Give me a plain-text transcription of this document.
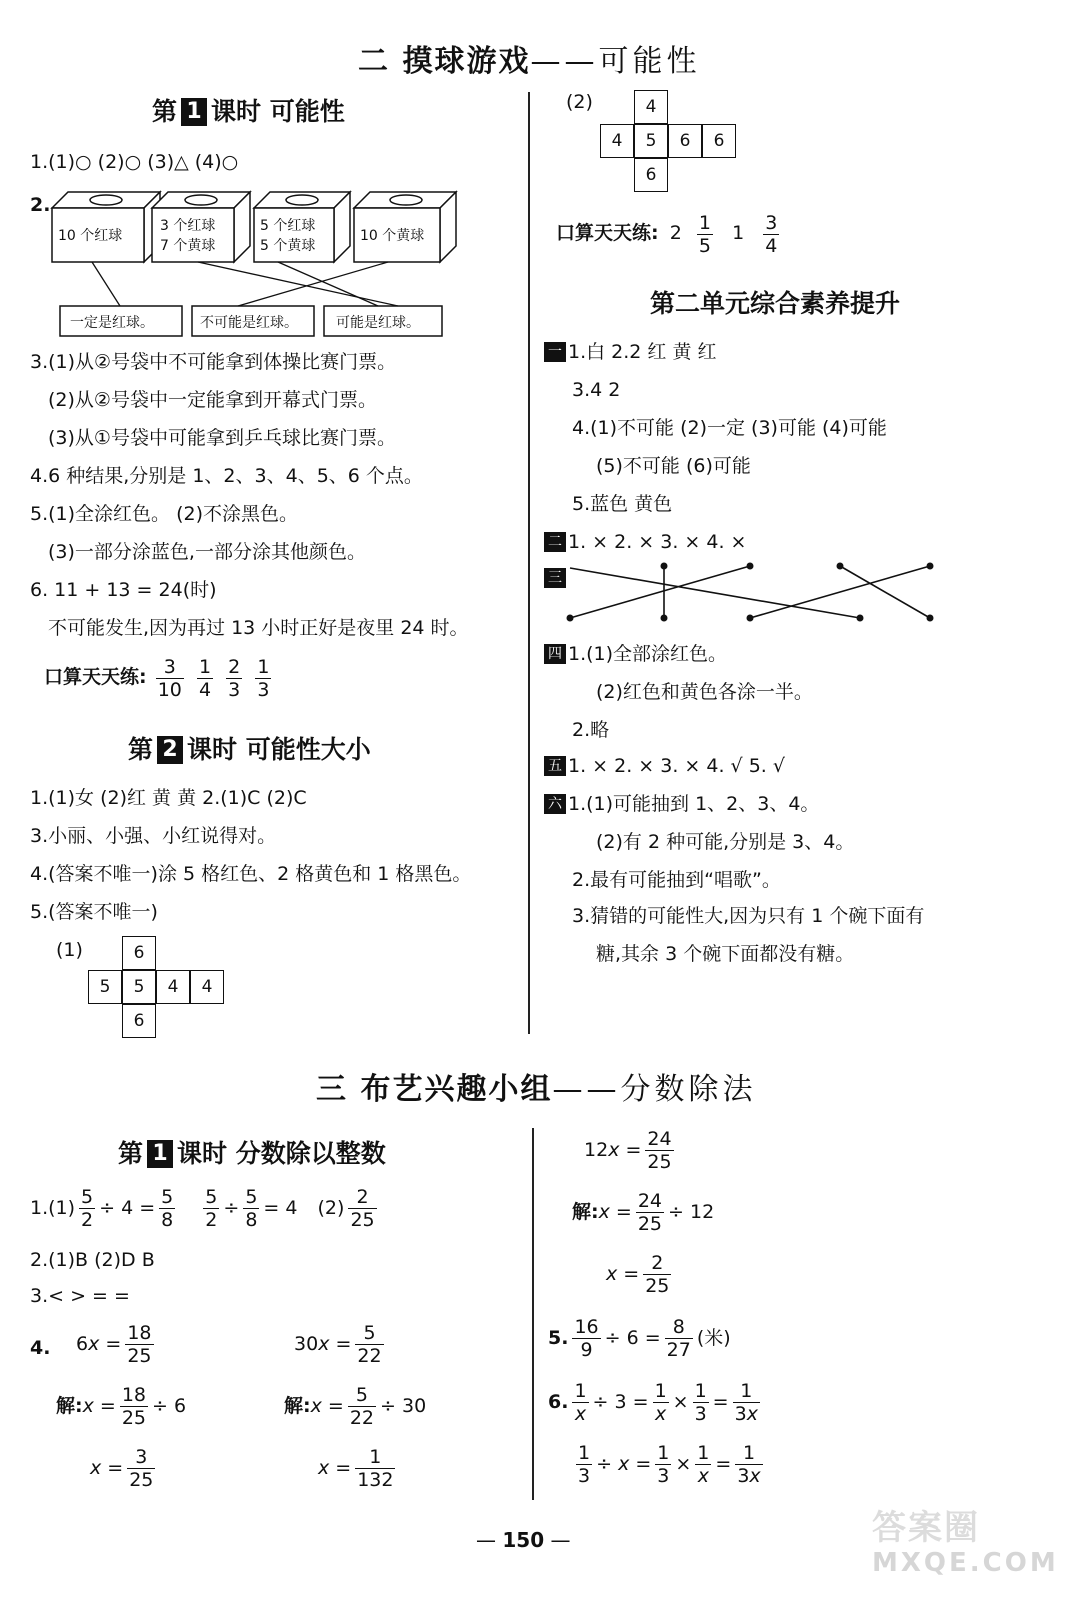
二 摸球游戏——可能性
第 1 课时 可能性
1.(1)○ (2)○ (3)△ (4)○
2.
10 个红球
3 个红球
7 个黄球
5 个红球
5 个黄球
10 个黄球
一定是红球。	不可能是红球。	可能是红球。
3.(1)从②号袋中不可能拿到体操比赛门票。
(2)从②号袋中一定能拿到开幕式门票。
(3)从①号袋中可能拿到乒乓球比赛门票。
4.6 种结果,分别是 1、2、3、4、5、6 个点。
5.(1)全涂红色。 (2)不涂黑色。
(3)一部分涂蓝色,一部分涂其他颜色。
6. 11 + 13 = 24(时)
不可能发生,因为再过 13 小时正好是夜里 24 时。
口算天天练: $\frac{3}{10}$
$\frac{1}{4}$
$\frac{2}{3}$
$\frac{1}{3}$
第 2 课时 可能性大小
1.(1)女 (2)红 黄 黄 2.(1)C (2)C
3.小丽、小强、小红说得对。
4.(答案不唯一)涂 5 格红色、2 格黄色和 1 格黑色。
5.(答案不唯一)
(1)	6
5	5	4	4
6
(2)	4
4	5	6	6
6
口算天天练: $2 \frac{1}{5} 1 \frac{3}{4}$
第二单元综合素养提升
一 1.白 2.2 红 黄 红
3.4 2
4.(1)不可能 (2)一定 (3)可能 (4)可能
(5)不可能 (6)可能
5.蓝色 黄色
二 1. × 2. × 3. × 4. ×
三
四 1.(1)全部涂红色。
(2)红色和黄色各涂一半。
2.略
五 1. × 2. × 3. × 4. √ 5. √
六 1.(1)可能抽到 1、2、3、4。
(2)有 2 种可能,分别是 3、4。
2.最有可能抽到“唱歌”。
3.猜错的可能性大,因为只有 1 个碗下面有
糖,其余 3 个碗下面都没有糖。
三 布艺兴趣小组——分数除法
第 1 课时 分数除以整数
$1.(1) \frac{5}{2} \div 4 = \frac{5}{8}$
$\frac{5}{2} \div \frac{5}{8} = 4$ $(2) \frac{2}{25}$
2.(1)B (2)D B
3.< > = =
4. $6x = \frac{18}{25}$
解:x = $\frac{18}{25} \div 6$
$x = \frac{3}{25}$
$30x = \frac{5}{22}$
解:x = $\frac{5}{22} \div 30$
$x = \frac{1}{132}$
$12x = \frac{24}{25}$
解:x = $\frac{24}{25} \div 12$
$x = \frac{2}{25}$
5. $\frac{16}{9} \div 6 = \frac{8}{27}$ (米)
6. $\frac{1}{x} \div 3 = \frac{1}{x} \times \frac{1}{3} = \frac{1}{3x}$
$\frac{1}{3} \div x = \frac{1}{3} \times \frac{1}{x} = \frac{1}{3x}$
— 150 —	答案圈
MXQE.COM
